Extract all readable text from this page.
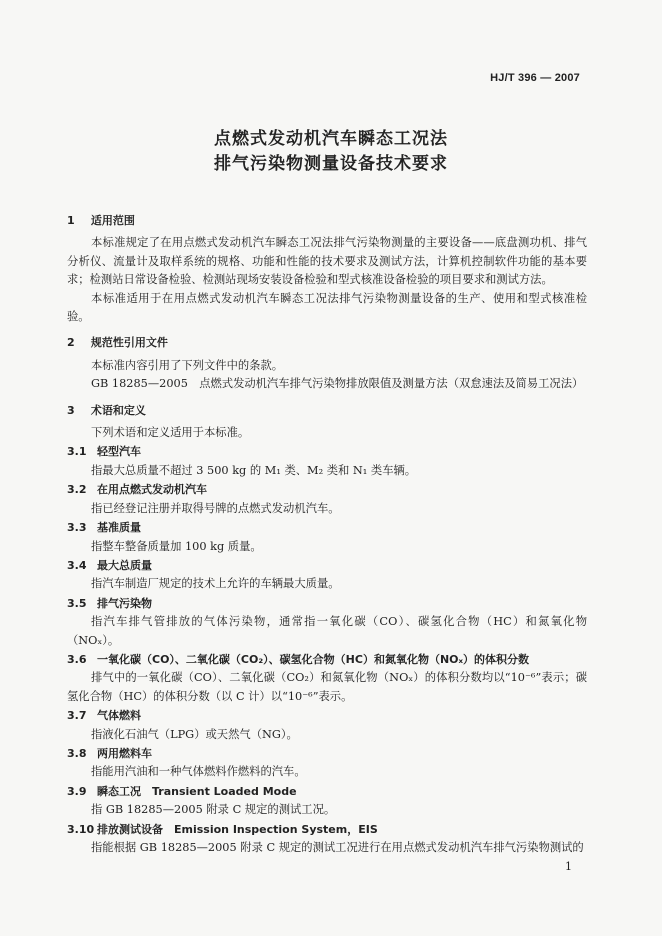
HJ/T 396 — 2007
点燃式发动机汽车瞬态工况法
排气污染物测量设备技术要求
1 适用范围

本标准规定了在用点燃式发动机汽车瞬态工况法排气污染物测量的主要设备——底盘测功机、排气分析仪、流量计及取样系统的规格、功能和性能的技术要求及测试方法，计算机控制软件功能的基本要求；检测站日常设备检验、检测站现场安装设备检验和型式核准设备检验的项目要求和测试方法。

本标准适用于在用点燃式发动机汽车瞬态工况法排气污染物测量设备的生产、使用和型式核准检验。

2 规范性引用文件

本标准内容引用了下列文件中的条款。

GB 18285—2005　点燃式发动机汽车排气污染物排放限值及测量方法（双怠速法及简易工况法）

3 术语和定义

下列术语和定义适用于本标准。

3.1 轻型汽车

指最大总质量不超过 3 500 kg 的 M₁ 类、M₂ 类和 N₁ 类车辆。

3.2 在用点燃式发动机汽车

指已经登记注册并取得号牌的点燃式发动机汽车。

3.3 基准质量

指整车整备质量加 100 kg 质量。

3.4 最大总质量

指汽车制造厂规定的技术上允许的车辆最大质量。

3.5 排气污染物

指汽车排气管排放的气体污染物，通常指一氧化碳（CO）、碳氢化合物（HC）和氮氧化物（NOₓ）。

3.6 一氧化碳（CO）、二氧化碳（CO₂）、碳氢化合物（HC）和氮氧化物（NOₓ）的体积分数

排气中的一氧化碳（CO）、二氧化碳（CO₂）和氮氧化物（NOₓ）的体积分数均以“10⁻⁶”表示；碳氢化合物（HC）的体积分数（以 C 计）以“10⁻⁶”表示。

3.7 气体燃料

指液化石油气（LPG）或天然气（NG）。

3.8 两用燃料车

指能用汽油和一种气体燃料作燃料的汽车。

3.9 瞬态工况　Transient Loaded Mode

指 GB 18285—2005 附录 C 规定的测试工况。

3.10 排放测试设备　Emission Inspection System，EIS

指能根据 GB 18285—2005 附录 C 规定的测试工况进行在用点燃式发动机汽车排气污染物测试的

1
